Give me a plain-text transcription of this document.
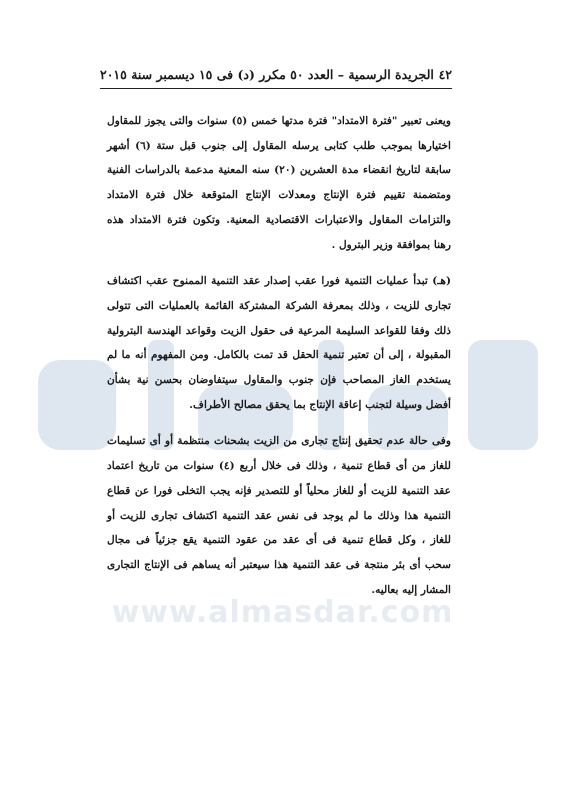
www.almasdar.com
٤٢
الجريدة الرسمية – العدد ٥٠ مكرر (د) فى ١٥ ديسمبر سنة ٢٠١٥

ويعنى تعبير "فترة الامتداد" فترة مدتها خمس (٥) سنوات والتى يجوز للمقاول اختيارها بموجب طلب كتابى يرسله المقاول إلى جنوب قبل ستة (٦) أشهر سابقة لتاريخ انقضاء مدة العشرين (٢٠) سنه المعنية مدعمة بالدراسات الفنية ومتضمنة تقييم فترة الإنتاج ومعدلات الإنتاج المتوقعة خلال فترة الامتداد والتزامات المقاول والاعتبارات الاقتصادية المعنية. وتكون فترة الامتداد هذه رهنا بموافقة وزير البترول .

(هـ) تبدأ عمليات التنمية فورا عقب إصدار عقد التنمية الممنوح عقب اكتشاف تجارى للزيت ، وذلك بمعرفة الشركة المشتركة القائمة بالعمليات التى تتولى ذلك وفقا للقواعد السليمة المرعية فى حقول الزيت وقواعد الهندسة البترولية المقبولة ، إلى أن تعتبر تنمية الحقل قد تمت بالكامل. ومن المفهوم أنه ما لم يستخدم الغاز المصاحب فإن جنوب والمقاول سيتفاوضان بحسن نية بشأن أفضل وسيلة لتجنب إعاقة الإنتاج بما يحقق مصالح الأطراف.

وفى حالة عدم تحقيق إنتاج تجارى من الزيت بشحنات منتظمة أو أى تسليمات للغاز من أى قطاع تنمية ، وذلك فى خلال أربع (٤) سنوات من تاريخ اعتماد عقد التنمية للزيت أو للغاز محلياً أو للتصدير فإنه يجب التخلى فورا عن قطاع التنمية هذا وذلك ما لم يوجد فى نفس عقد التنمية اكتشاف تجارى للزيت أو للغاز ، وكل قطاع تنمية فى أى عقد من عقود التنمية يقع جزئياً فى مجال سحب أى بئر منتجة فى عقد التنمية هذا سيعتبر أنه يساهم فى الإنتاج التجارى المشار إليه بعاليه.
